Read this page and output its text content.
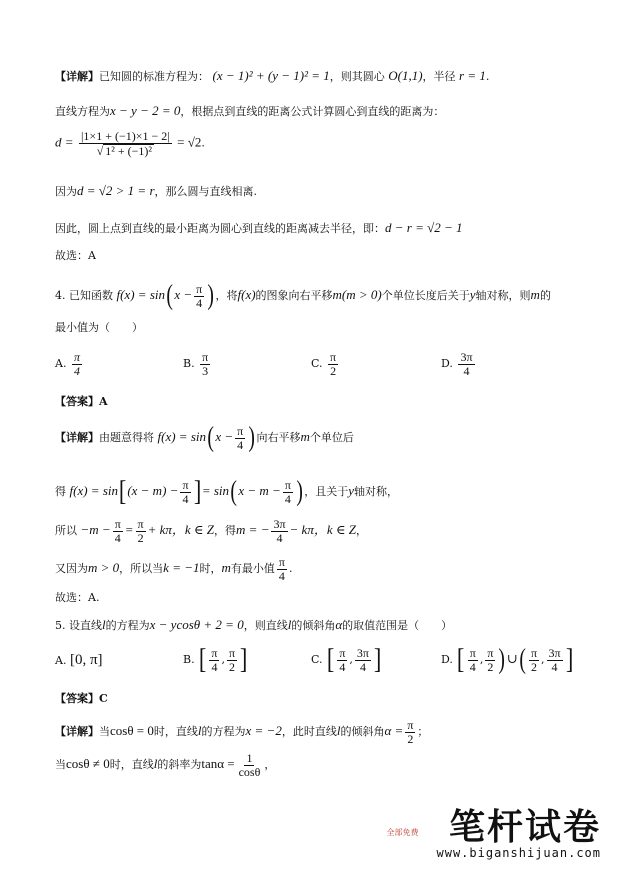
【详解】已知圆的标准方程为： (x − 1)² + (y − 1)² = 1，则其圆心 O(1,1)，半径 r = 1.
直线方程为x − y − 2 = 0，根据点到直线的距离公式计算圆心到直线的距离为：
$d = \frac{|1\times 1 + (-1)\times 1 - 2|}{\text{√ 1² + (−1)²}} = √2$.
因为d = √2 > 1 = r，那么圆与直线相离.
因此，圆上点到直线的最小距离为圆心到直线的距离减去半径，即：d − r = √2 − 1
故选：A
4. 已知函数 $f(x) = \sin(x - \frac{\pi}{4}$ )，将f(x)的图象向右平移m(m > 0)个单位长度后关于y轴对称，则m的
最小值为（　　）
A. $\frac{\pi}{4}$	B. $\frac{\pi}{3}$	C. $\frac{\pi}{2}$	D. $\frac{3\pi}{4}$
【答案】A
【详解】由题意得将 $f(x) = \sin(x - \frac{\pi}{4}$ )向右平移m个单位后
得 $f(x) = \sin[(x - m) - \frac{\pi}{4}$ ]= $\sin(x - m - \frac{\pi}{4}$ )，且关于y轴对称，
所以 $-m - \frac{\pi}{4} = \frac{\pi}{2} + k\pi$，k ∈ Z，得m = − $\frac{3\pi}{4} - k\pi$，k ∈ Z，
又因为m > 0，所以当k = −1时，m有最小值 $\frac{\pi}{4}$ .
故选：A.
5. 设直线l的方程为x − ycosθ + 2 = 0，则直线l的倾斜角α的取值范围是（　　）
A. [0, π]	B. [ $\frac{\pi}{4}$ , $\frac{\pi}{2}$ ]	C. [ $\frac{\pi}{4}$ , $\frac{3\pi}{4}$ ]	D. [ $\frac{\pi}{4}$ , $\frac{\pi}{2}$ )∪( $\frac{\pi}{2}$ , $\frac{3\pi}{4}$ ]
【答案】C
【详解】当cosθ = 0时，直线l的方程为x = −2，此时直线l的倾斜角$\alpha = \frac{\pi}{2}$ ；
当cosθ ≠ 0时，直线l的斜率为$\tan\alpha = \frac{1}{\cos\theta}$ ，
全部免费 笔杆试卷
www.biganshijuan.com
